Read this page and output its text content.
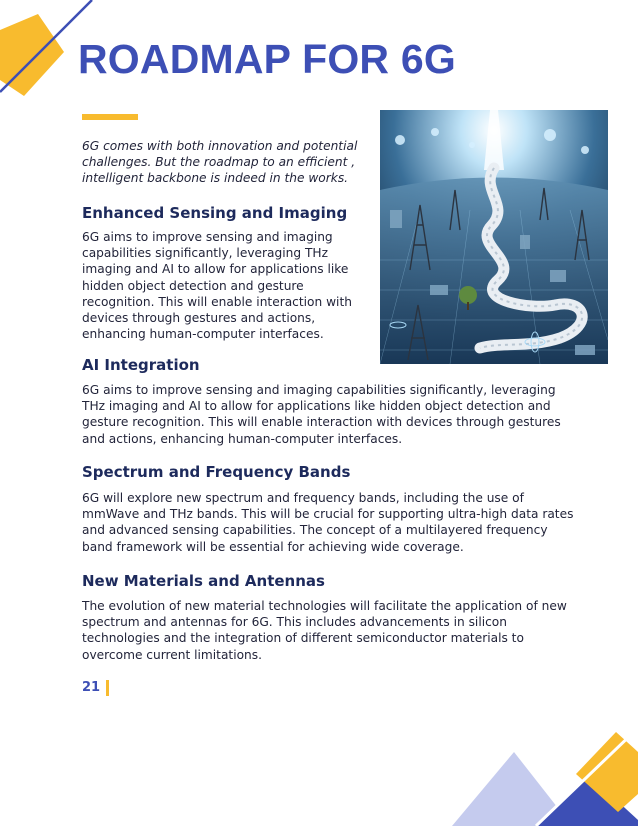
ROADMAP FOR 6G

6G comes with both innovation and potential challenges. But the roadmap to an efficient , intelligent backbone is indeed in the works.

Enhanced Sensing and Imaging

6G aims to improve sensing and imaging capabilities significantly, leveraging THz imaging and AI to allow for applications like hidden object detection and gesture recognition. This will enable interaction with devices through gestures and actions, enhancing human-computer interfaces.

AI Integration

6G aims to improve sensing and imaging capabilities significantly, leveraging THz imaging and AI to allow for applications like hidden object detection and gesture recognition. This will enable interaction with devices through gestures and actions, enhancing human-computer interfaces.

Spectrum and Frequency Bands

6G will explore new spectrum and frequency bands, including the use of mmWave and THz bands. This will be crucial for supporting ultra-high data rates and advanced sensing capabilities. The concept of a multilayered frequency band framework will be essential for achieving wide coverage.

New Materials and Antennas

The evolution of new material technologies will facilitate the application of new spectrum and antennas for 6G. This includes advancements in silicon technologies and the integration of different semiconductor materials to overcome current limitations.

21
